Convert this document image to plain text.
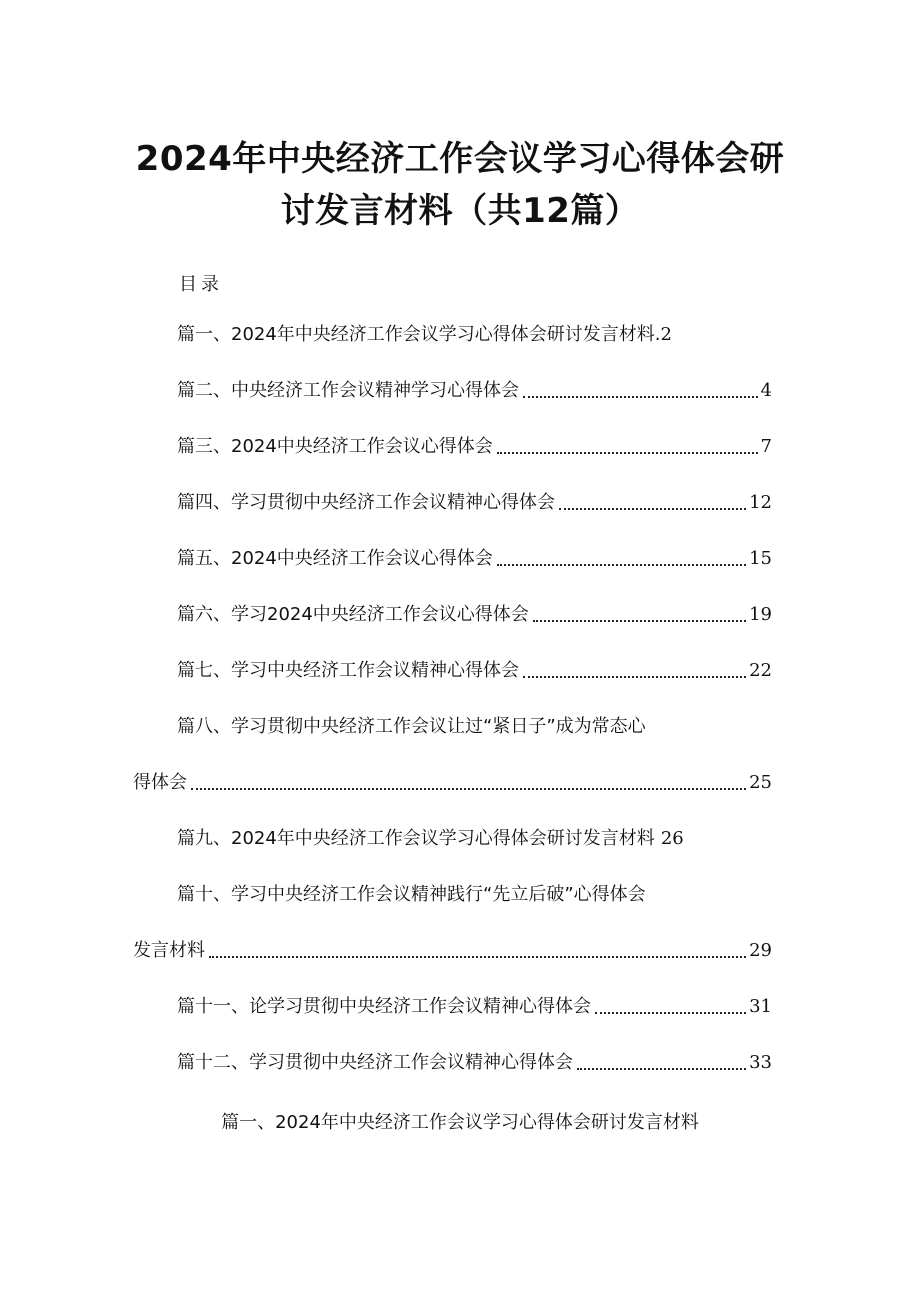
2024年中央经济工作会议学习心得体会研
讨发言材料（共12篇）
目录
篇一、2024年中央经济工作会议学习心得体会研讨发言材料. 2
篇二、中央经济工作会议精神学习心得体会	4
篇三、2024中央经济工作会议心得体会	7
篇四、学习贯彻中央经济工作会议精神心得体会	12
篇五、2024中央经济工作会议心得体会	15
篇六、学习2024中央经济工作会议心得体会	19
篇七、学习中央经济工作会议精神心得体会	22
篇八、学习贯彻中央经济工作会议让过“紧日子”成为常态心
得体会	25
篇九、2024年中央经济工作会议学习心得体会研讨发言材料 26
篇十、学习中央经济工作会议精神践行“先立后破”心得体会
发言材料	29
篇十一、论学习贯彻中央经济工作会议精神心得体会	31
篇十二、学习贯彻中央经济工作会议精神心得体会	33
篇一、2024年中央经济工作会议学习心得体会研讨发言材料
